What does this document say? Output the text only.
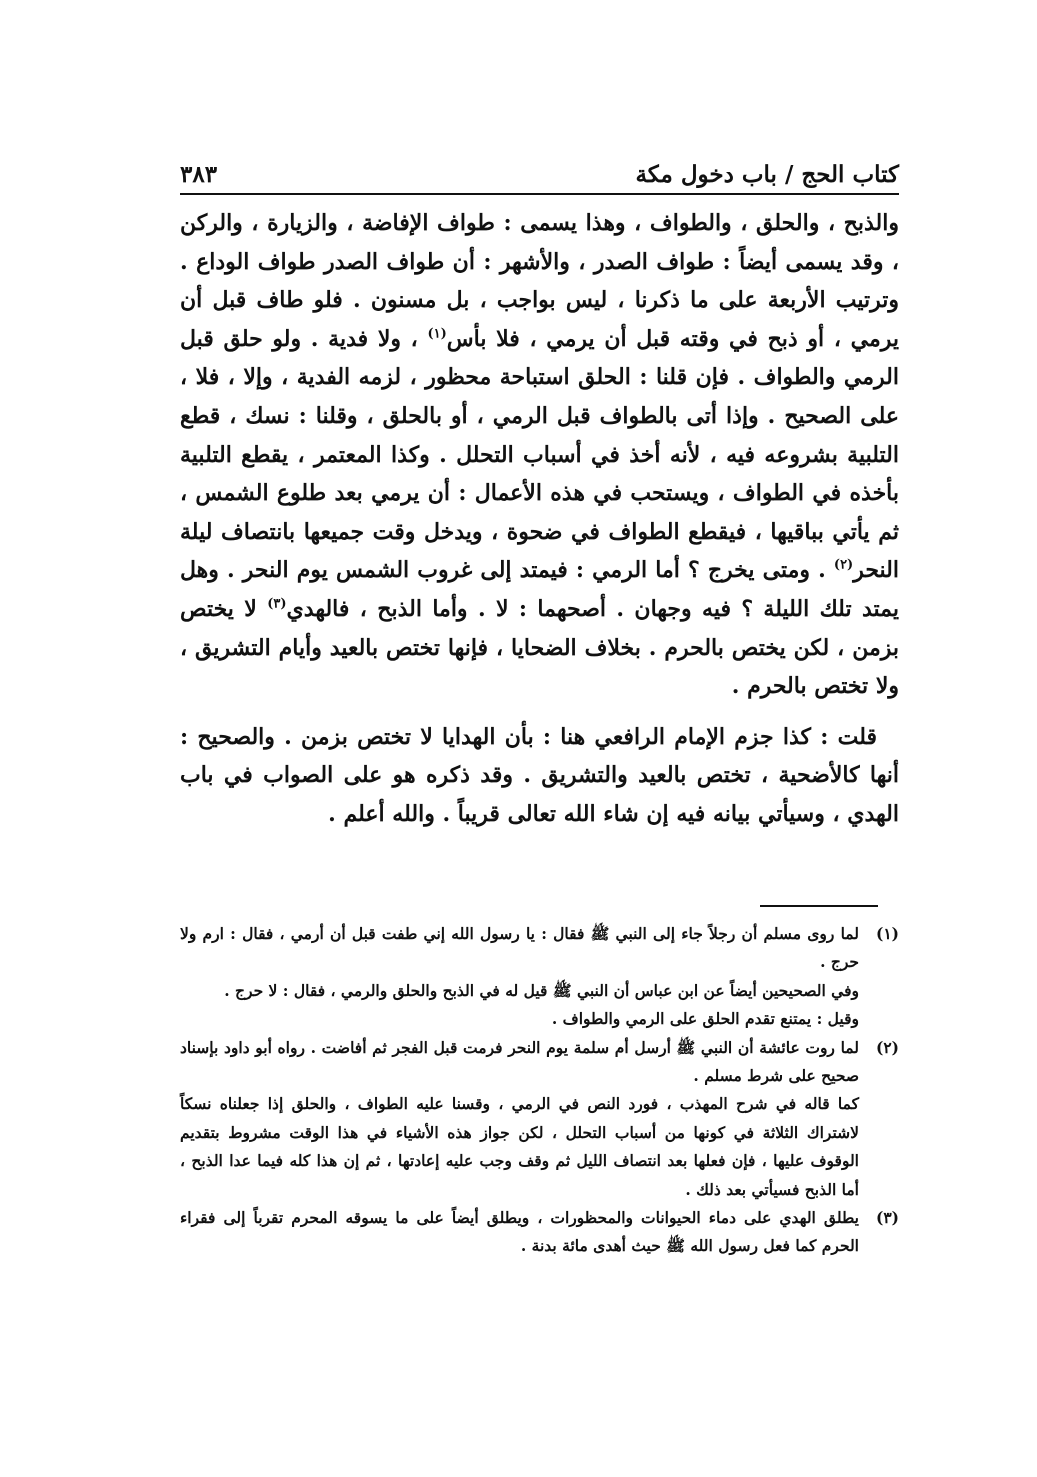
كتاب الحج / باب دخول مكة
٣٨٣

والذبح ، والحلق ، والطواف ، وهذا يسمى : طواف الإفاضة ، والزيارة ، والركن ، وقد يسمى أيضاً : طواف الصدر ، والأشهر : أن طواف الصدر طواف الوداع . وترتيب الأربعة على ما ذكرنا ، ليس بواجب ، بل مسنون . فلو طاف قبل أن يرمي ، أو ذبح في وقته قبل أن يرمي ، فلا بأس$^{(١)}$ ، ولا فدية . ولو حلق قبل الرمي والطواف . فإن قلنا : الحلق استباحة محظور ، لزمه الفدية ، وإلا ، فلا ، على الصحيح . وإذا أتى بالطواف قبل الرمي ، أو بالحلق ، وقلنا : نسك ، قطع التلبية بشروعه فيه ، لأنه أخذ في أسباب التحلل . وكذا المعتمر ، يقطع التلبية بأخذه في الطواف ، ويستحب في هذه الأعمال : أن يرمي بعد طلوع الشمس ، ثم يأتي بباقيها ، فيقطع الطواف في ضحوة ، ويدخل وقت جميعها بانتصاف ليلة النحر$^{(٢)}$ . ومتى يخرج ؟ أما الرمي : فيمتد إلى غروب الشمس يوم النحر . وهل يمتد تلك الليلة ؟ فيه وجهان . أصحهما : لا . وأما الذبح ، فالهدي$^{(٣)}$ لا يختص بزمن ، لكن يختص بالحرم . بخلاف الضحايا ، فإنها تختص بالعيد وأيام التشريق ، ولا تختص بالحرم .

قلت : كذا جزم الإمام الرافعي هنا : بأن الهدايا لا تختص بزمن . والصحيح : أنها كالأضحية ، تختص بالعيد والتشريق . وقد ذكره هو على الصواب في باب الهدي ، وسيأتي بيانه فيه إن شاء الله تعالى قريباً . والله أعلم .

(١)
لما روى مسلم أن رجلاً جاء إلى النبي ﷺ فقال : يا رسول الله إني طفت قبل أن أرمي ، فقال : ارم ولا حرج .
وفي الصحيحين أيضاً عن ابن عباس أن النبي ﷺ قيل له في الذبح والحلق والرمي ، فقال : لا حرج .
وقيل : يمتنع تقدم الحلق على الرمي والطواف .
(٢)
لما روت عائشة أن النبي ﷺ أرسل أم سلمة يوم النحر فرمت قبل الفجر ثم أفاضت . رواه أبو داود بإسناد صحيح على شرط مسلم .
كما قاله في شرح المهذب ، فورد النص في الرمي ، وقسنا عليه الطواف ، والحلق إذا جعلناه نسكاً لاشتراك الثلاثة في كونها من أسباب التحلل ، لكن جواز هذه الأشياء في هذا الوقت مشروط بتقديم الوقوف عليها ، فإن فعلها بعد انتصاف الليل ثم وقف وجب عليه إعادتها ، ثم إن هذا كله فيما عدا الذبح ، أما الذبح فسيأتي بعد ذلك .
(٣)
يطلق الهدي على دماء الحيوانات والمحظورات ، ويطلق أيضاً على ما يسوقه المحرم تقرباً إلى فقراء الحرم كما فعل رسول الله ﷺ حيث أهدى مائة بدنة .
